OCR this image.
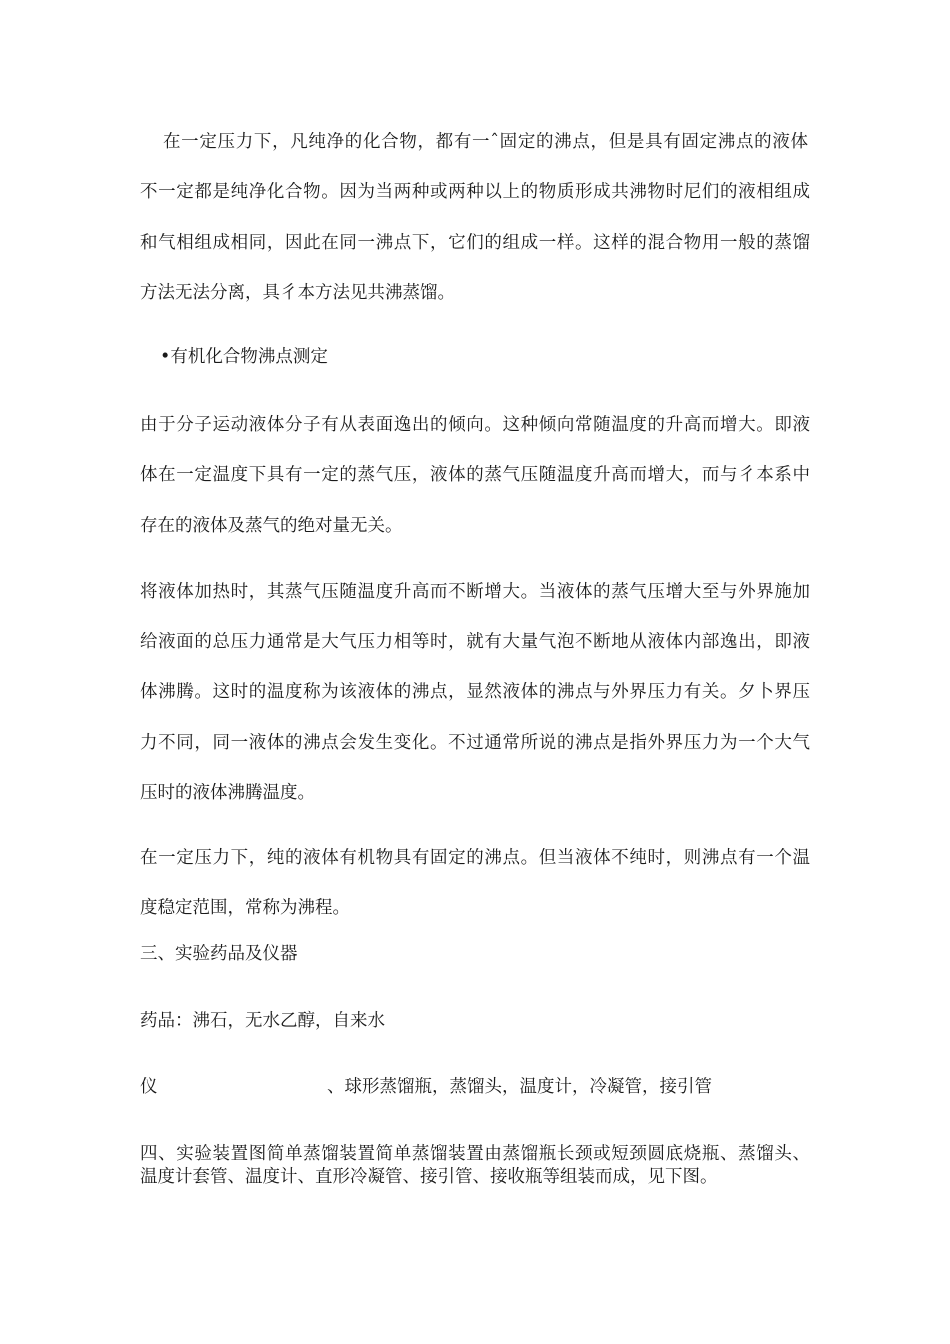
在一定压力下，凡纯净的化合物，都有一ˆ固定的沸点，但是具有固定沸点的液体
不一定都是纯净化合物。因为当两种或两种以上的物质形成共沸物时尼们的液相组成
和气相组成相同，因此在同一沸点下，它们的组成一样。这样的混合物用一般的蒸馏
方法无法分离，具彳本方法见共沸蒸馏。
•有机化合物沸点测定
由于分子运动液体分子有从表面逸出的倾向。这种倾向常随温度的升高而增大。即液
体在一定温度下具有一定的蒸气压，液体的蒸气压随温度升高而增大，而与彳本系中
存在的液体及蒸气的绝对量无关。
将液体加热时，其蒸气压随温度升高而不断增大。当液体的蒸气压增大至与外界施加
给液面的总压力通常是大气压力相等时，就有大量气泡不断地从液体内部逸出，即液
体沸腾。这时的温度称为该液体的沸点，显然液体的沸点与外界压力有关。夕卜界压
力不同，同一液体的沸点会发生变化。不过通常所说的沸点是指外界压力为一个大气
压时的液体沸腾温度。
在一定压力下，纯的液体有机物具有固定的沸点。但当液体不纯时，则沸点有一个温
度稳定范围，常称为沸程。
三、实验药品及仪器
药品：沸石，无水乙醇，自来水
仪	、球形蒸馏瓶，蒸馏头，温度计，冷凝管，接引管
四、实验装置图简单蒸馏装置简单蒸馏装置由蒸馏瓶长颈或短颈圆底烧瓶、蒸馏头、
温度计套管、温度计、直形冷凝管、接引管、接收瓶等组装而成，见下图。
